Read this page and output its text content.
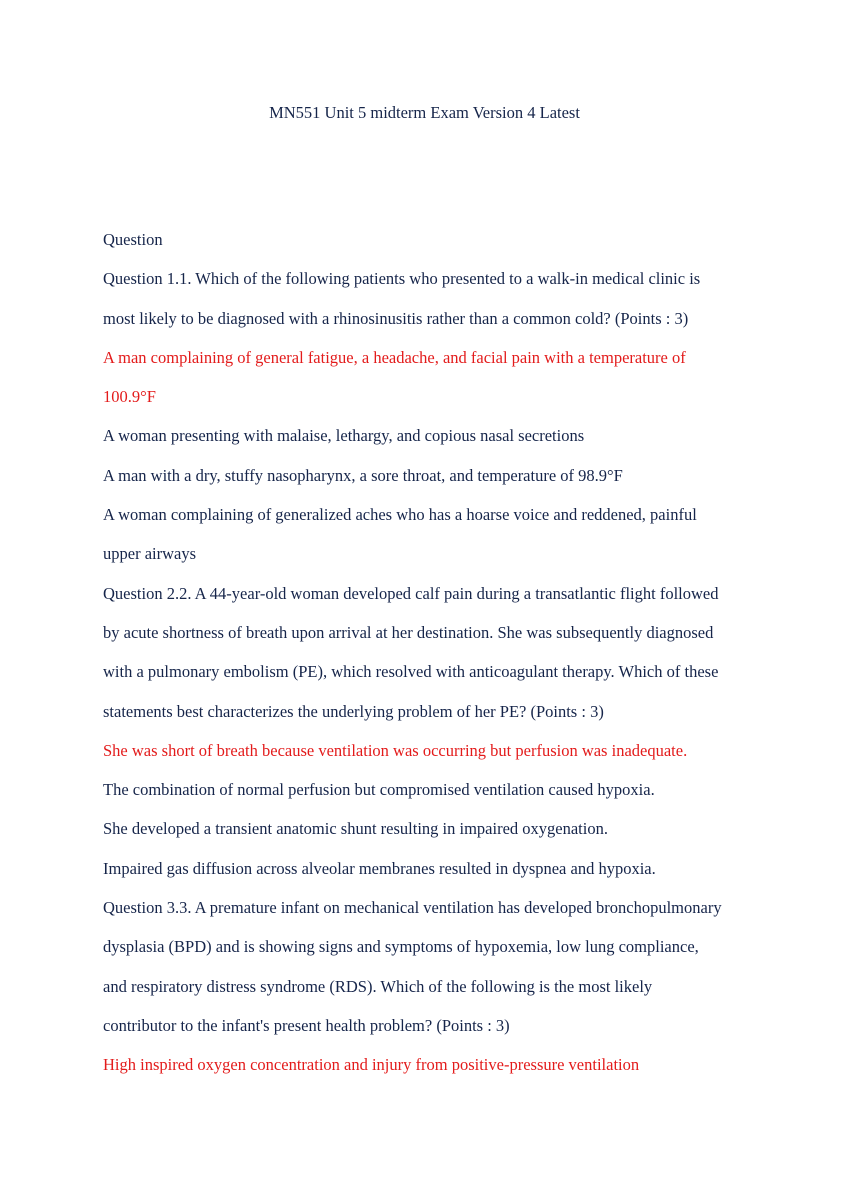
MN551 Unit 5 midterm Exam Version 4 Latest
Question
Question 1.1. Which of the following patients who presented to a walk-in medical clinic is
most likely to be diagnosed with a rhinosinusitis rather than a common cold? (Points : 3)
A man complaining of general fatigue, a headache, and facial pain with a temperature of
100.9°F
A woman presenting with malaise, lethargy, and copious nasal secretions
A man with a dry, stuffy nasopharynx, a sore throat, and temperature of 98.9°F
A woman complaining of generalized aches who has a hoarse voice and reddened, painful
upper airways
Question 2.2. A 44-year-old woman developed calf pain during a transatlantic flight followed
by acute shortness of breath upon arrival at her destination. She was subsequently diagnosed
with a pulmonary embolism (PE), which resolved with anticoagulant therapy. Which of these
statements best characterizes the underlying problem of her PE? (Points : 3)
She was short of breath because ventilation was occurring but perfusion was inadequate.
The combination of normal perfusion but compromised ventilation caused hypoxia.
She developed a transient anatomic shunt resulting in impaired oxygenation.
Impaired gas diffusion across alveolar membranes resulted in dyspnea and hypoxia.
Question 3.3. A premature infant on mechanical ventilation has developed bronchopulmonary
dysplasia (BPD) and is showing signs and symptoms of hypoxemia, low lung compliance,
and respiratory distress syndrome (RDS). Which of the following is the most likely
contributor to the infant's present health problem? (Points : 3)
High inspired oxygen concentration and injury from positive-pressure ventilation
